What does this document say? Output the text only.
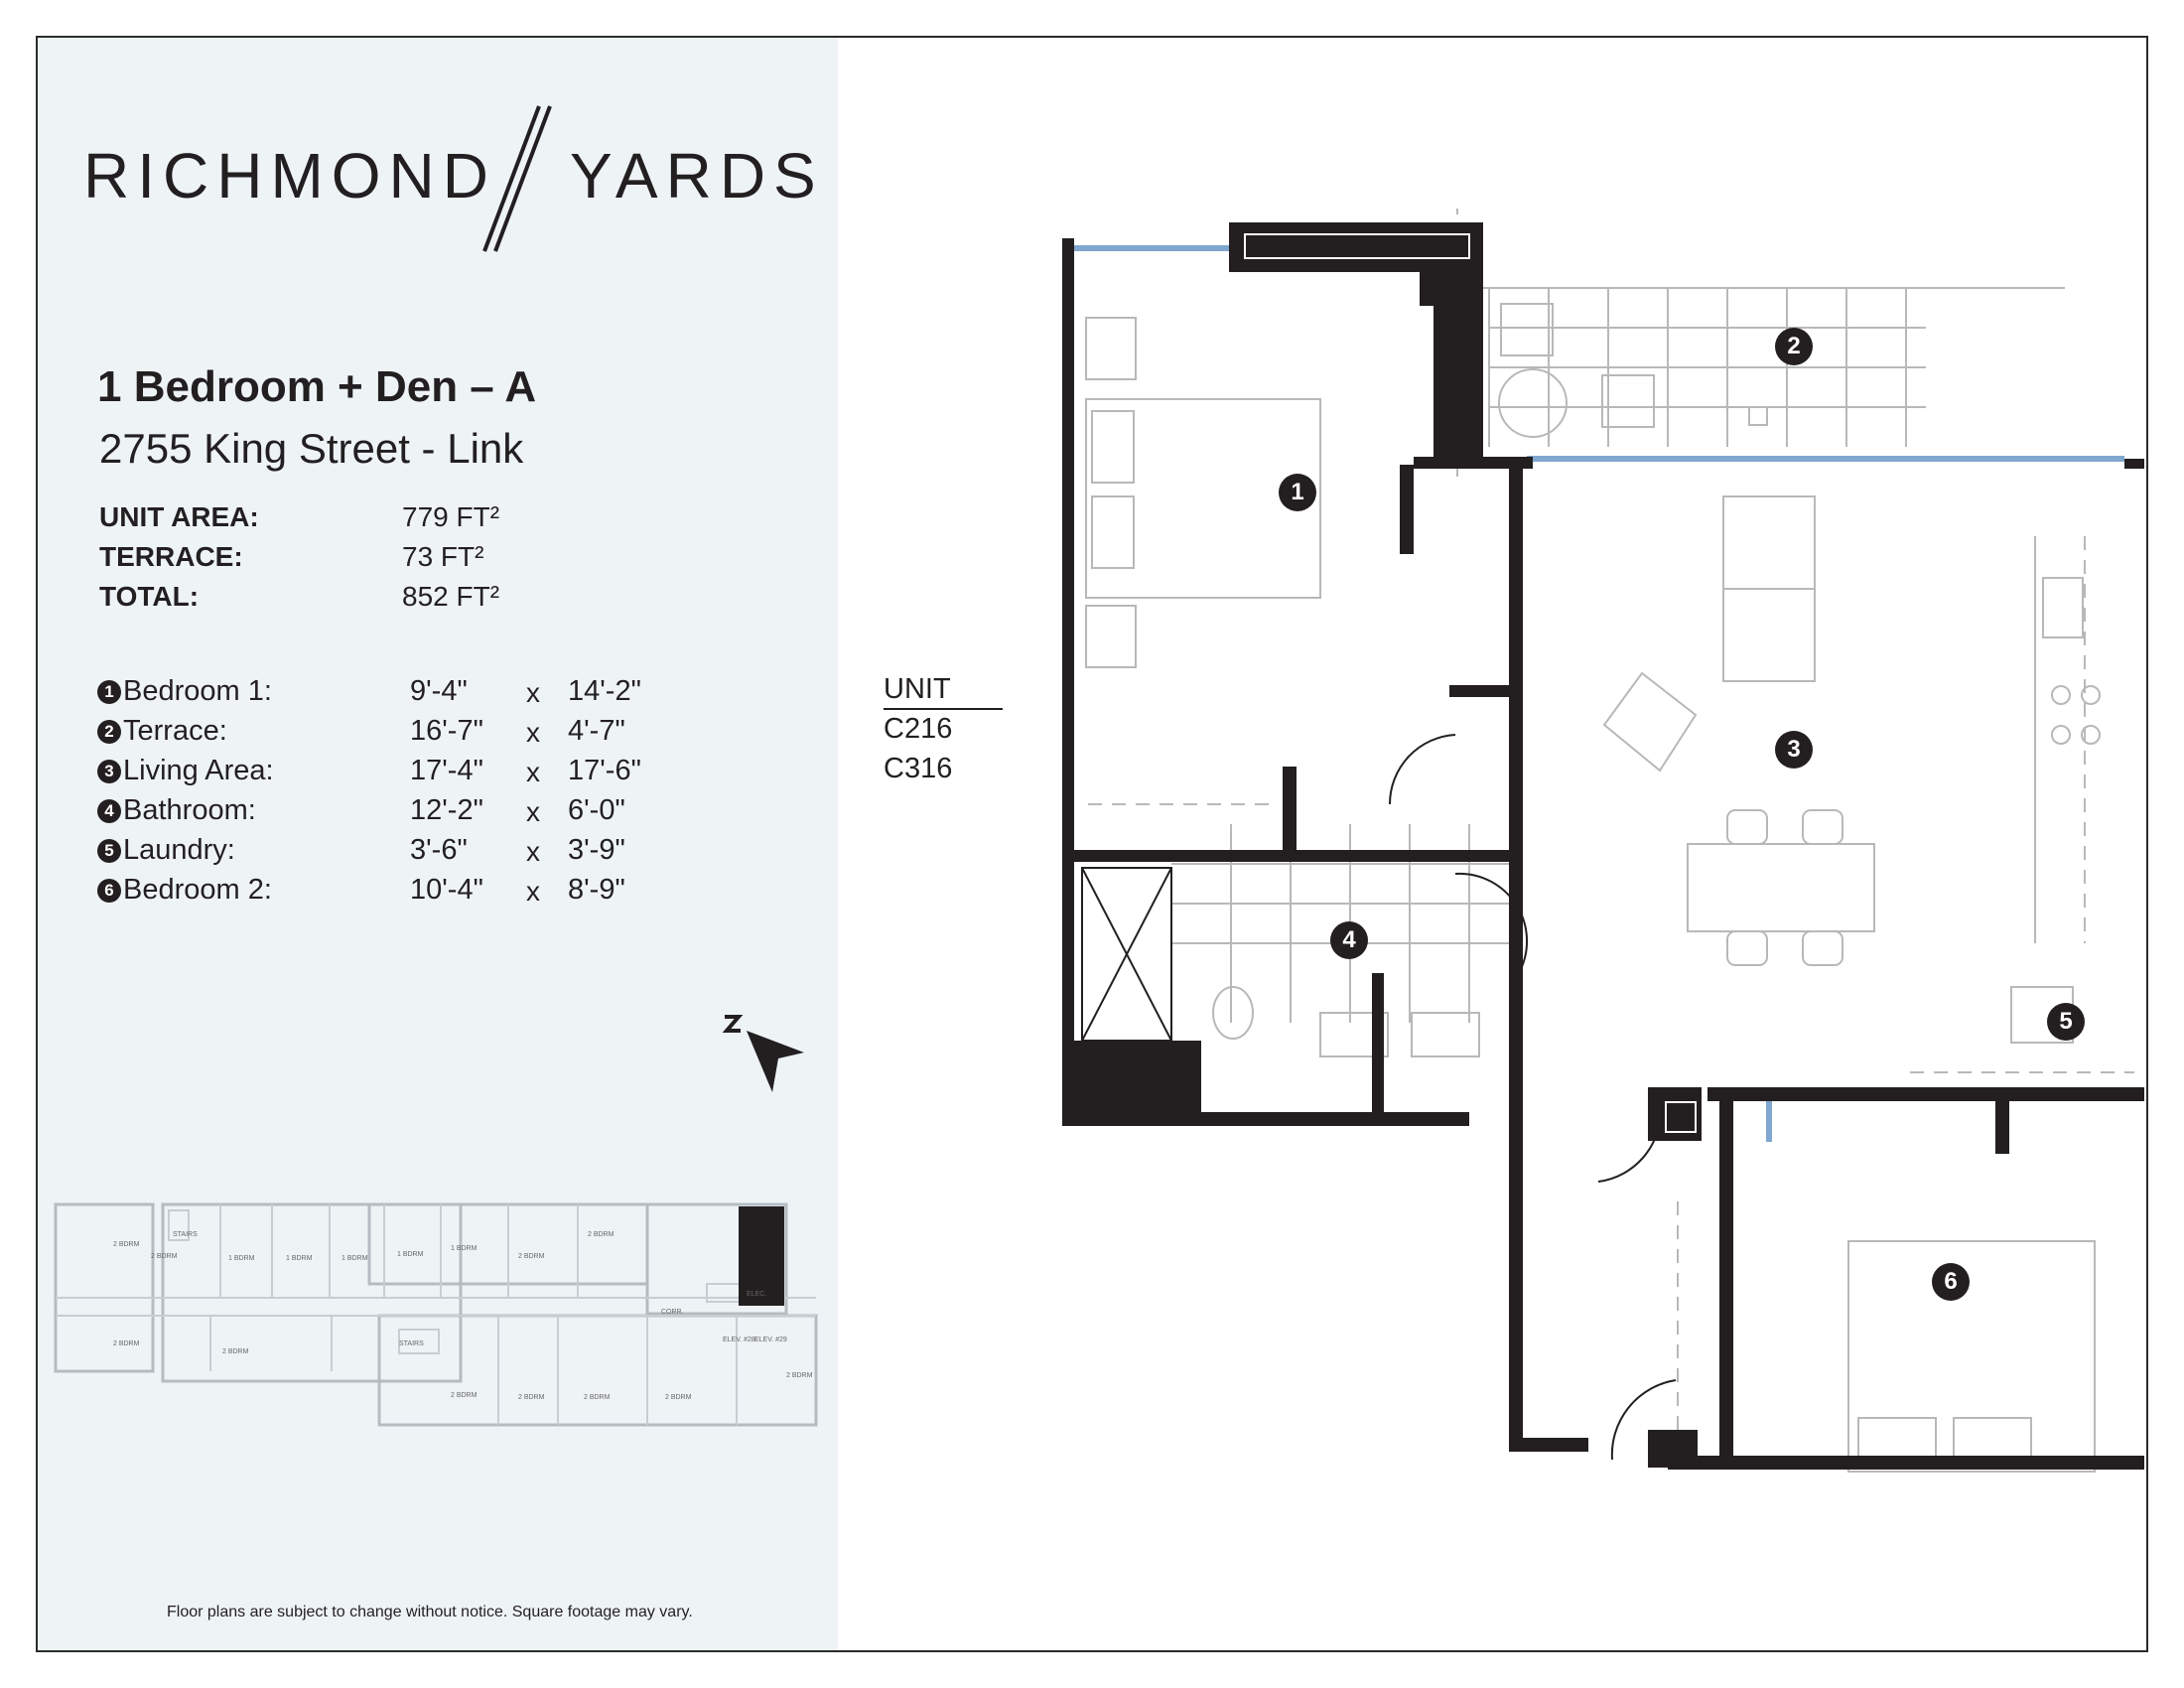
RICHMOND YARDS
1 Bedroom + Den – A
2755 King Street - Link
UNIT AREA:	779 FT²
TERRACE:	73 FT²
TOTAL:	852 FT²
1 Bedroom 1:	9'-4" x 14'-2"
2 Terrace:	16'-7" x 4'-7"
3 Living Area:	17'-4" x 17'-6"
4 Bathroom:	12'-2" x 6'-0"
5 Laundry:	3'-6" x 3'-9"
6 Bedroom 2:	10'-4" x 8'-9"
2 BDRM
2 BDRM
1 BDRM	1 BDRM	1 BDRM
1 BDRM
1 BDRM
2 BDRM
2 BDRM
2 BDRM	2 BDRM	2 BDRM	2 BDRM
2 BDRM
2 BDRM
2 BDRM
STAIRS
STAIRS
ELEC.
CORR.
ELEV. #28 ELEV. #29
Floor plans are subject to change without notice. Square footage may vary.
UNIT
C216
C316
1
2
3
4
5
6
